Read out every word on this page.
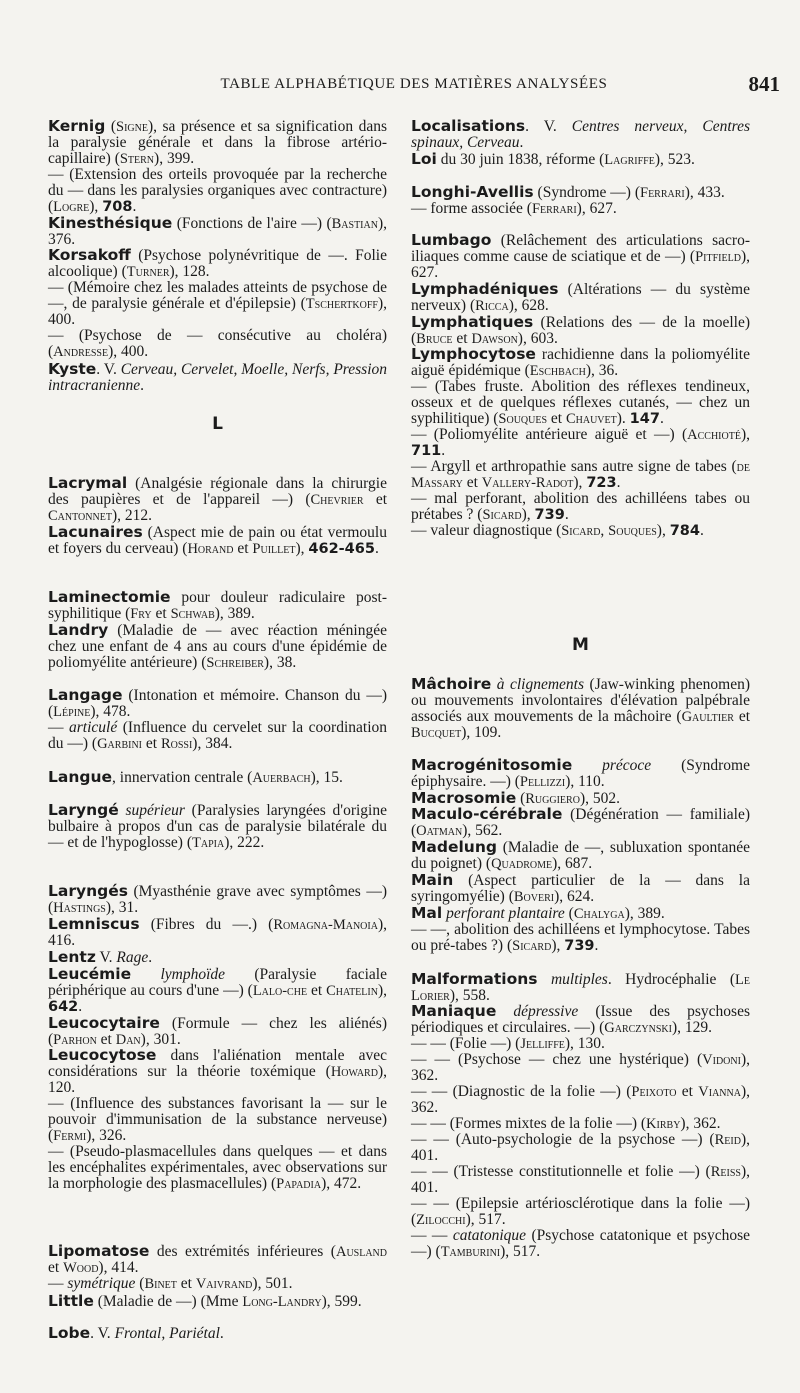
TABLE ALPHABÉTIQUE DES MATIÈRES ANALYSÉES	841

Kernig (Signe), sa présence et sa signification dans la paralysie générale et dans la fibrose artério-capillaire) (Stern), 399.
— (Extension des orteils provoquée par la recherche du — dans les paralysies organiques avec contracture) (Logre), 708.

Kinesthésique (Fonctions de l'aire —) (Bastian), 376.

Korsakoff (Psychose polynévritique de —. Folie alcoolique) (Turner), 128.
— (Mémoire chez les malades atteints de psychose de —, de paralysie générale et d'épilepsie) (Tschertkoff), 400.
— (Psychose de — consécutive au choléra) (Andresse), 400.

Kyste. V. Cerveau, Cervelet, Moelle, Nerfs, Pression intracranienne.

L

Lacrymal (Analgésie régionale dans la chirurgie des paupières et de l'appareil —) (Chevrier et Cantonnet), 212.

Lacunaires (Aspect mie de pain ou état vermoulu et foyers du cerveau) (Horand et Puillet), 462-465.

Laminectomie pour douleur radiculaire post-syphilitique (Fry et Schwab), 389.

Landry (Maladie de — avec réaction méningée chez une enfant de 4 ans au cours d'une épidémie de poliomyélite antérieure) (Schreiber), 38.

Langage (Intonation et mémoire. Chanson du —) (Lépine), 478.
— articulé (Influence du cervelet sur la coordination du —) (Garbini et Rossi), 384.

Langue, innervation centrale (Auerbach), 15.

Laryngé supérieur (Paralysies laryngées d'origine bulbaire à propos d'un cas de paralysie bilatérale du — et de l'hypoglosse) (Tapia), 222.

Laryngés (Myasthénie grave avec symptômes —) (Hastings), 31.

Lemniscus (Fibres du —.) (Romagna-Manoia), 416.

Lentz V. Rage.

Leucémie lymphoïde (Paralysie faciale périphérique au cours d'une —) (Lalo-che et Chatelin), 642.

Leucocytaire (Formule — chez les aliénés) (Parhon et Dan), 301.

Leucocytose dans l'aliénation mentale avec considérations sur la théorie toxémique (Howard), 120.
— (Influence des substances favorisant la — sur le pouvoir d'immunisation de la substance nerveuse) (Fermi), 326.
— (Pseudo-plasmacellules dans quelques — et dans les encéphalites expérimentales, avec observations sur la morphologie des plasmacellules) (Papadia), 472.

Lipomatose des extrémités inférieures (Ausland et Wood), 414.
— symétrique (Binet et Vaivrand), 501.

Little (Maladie de —) (Mme Long-Landry), 599.

Lobe. V. Frontal, Pariétal.

Localisations. V. Centres nerveux, Centres spinaux, Cerveau.

Loi du 30 juin 1838, réforme (Lagriffe), 523.

Longhi-Avellis (Syndrome —) (Ferrari), 433.
— forme associée (Ferrari), 627.

Lumbago (Relâchement des articulations sacro-iliaques comme cause de sciatique et de —) (Pitfield), 627.

Lymphadéniques (Altérations — du système nerveux) (Ricca), 628.

Lymphatiques (Relations des — de la moelle) (Bruce et Dawson), 603.

Lymphocytose rachidienne dans la poliomyélite aiguë épidémique (Eschbach), 36.
— (Tabes fruste. Abolition des réflexes tendineux, osseux et de quelques réflexes cutanés, — chez un syphilitique) (Souques et Chauvet). 147.
— (Poliomyélite antérieure aiguë et —) (Acchioté), 711.
— Argyll et arthropathie sans autre signe de tabes (de Massary et Vallery-Radot), 723.
— mal perforant, abolition des achilléens tabes ou prétabes ? (Sicard), 739.
— valeur diagnostique (Sicard, Souques), 784.

M

Mâchoire à clignements (Jaw-winking phenomen) ou mouvements involontaires d'élévation palpébrale associés aux mouvements de la mâchoire (Gaultier et Bucquet), 109.

Macrogénitosomie précoce (Syndrome épiphysaire. —) (Pellizzi), 110.

Macrosomie (Ruggiero), 502.

Maculo-cérébrale (Dégénération — familiale) (Oatman), 562.

Madelung (Maladie de —, subluxation spontanée du poignet) (Quadrome), 687.

Main (Aspect particulier de la — dans la syringomyélie) (Boveri), 624.

Mal perforant plantaire (Chalyga), 389.
— —, abolition des achilléens et lymphocytose. Tabes ou pré-tabes ?) (Sicard), 739.

Malformations multiples. Hydrocéphalie (Le Lorier), 558.

Maniaque dépressive (Issue des psychoses périodiques et circulaires. —) (Garczynski), 129.
— — (Folie —) (Jelliffe), 130.
— — (Psychose — chez une hystérique) (Vidoni), 362.
— — (Diagnostic de la folie —) (Peixoto et Vianna), 362.
— — (Formes mixtes de la folie —) (Kirby), 362.
— — (Auto-psychologie de la psychose —) (Reid), 401.
— — (Tristesse constitutionnelle et folie —) (Reiss), 401.
— — (Epilepsie artériosclérotique dans la folie —) (Zilocchi), 517.
— — catatonique (Psychose catatonique et psychose —) (Tamburini), 517.
